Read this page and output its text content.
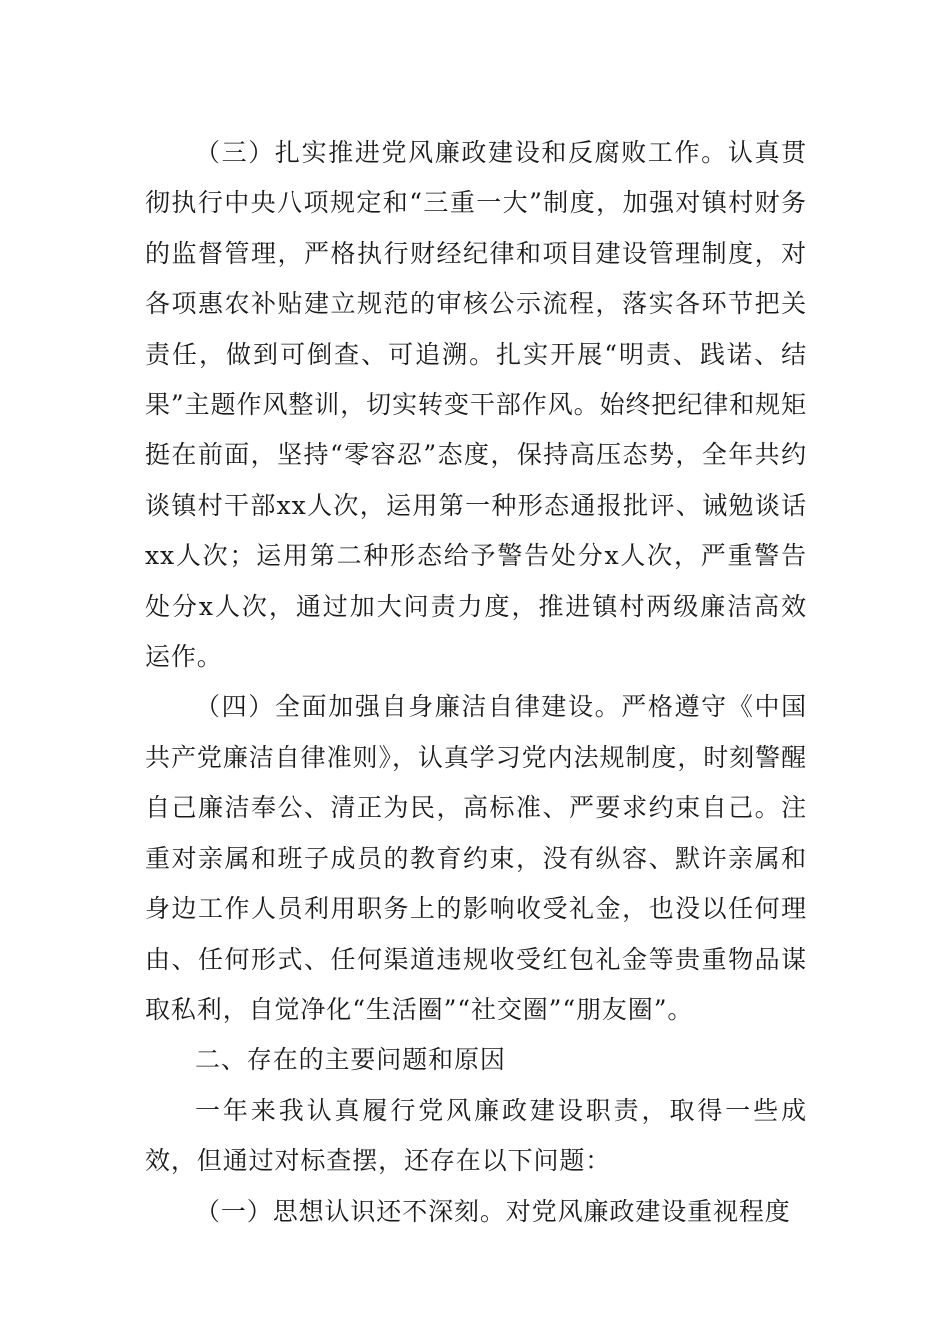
（三）扎实推进党风廉政建设和反腐败工作。认真贯彻执行中央八项规定和“三重一大”制度，加强对镇村财务的监督管理，严格执行财经纪律和项目建设管理制度，对各项惠农补贴建立规范的审核公示流程，落实各环节把关责任，做到可倒查、可追溯。扎实开展“明责、践诺、结果”主题作风整训，切实转变干部作风。始终把纪律和规矩挺在前面，坚持“零容忍”态度，保持高压态势，全年共约谈镇村干部xx人次，运用第一种形态通报批评、诫勉谈话xx人次；运用第二种形态给予警告处分x人次，严重警告处分x人次，通过加大问责力度，推进镇村两级廉洁高效运作。

（四）全面加强自身廉洁自律建设。严格遵守《中国共产党廉洁自律准则》，认真学习党内法规制度，时刻警醒自己廉洁奉公、清正为民，高标准、严要求约束自己。注重对亲属和班子成员的教育约束，没有纵容、默许亲属和身边工作人员利用职务上的影响收受礼金，也没以任何理由、任何形式、任何渠道违规收受红包礼金等贵重物品谋取私利，自觉净化“生活圈”“社交圈”“朋友圈”。

二、存在的主要问题和原因

一年来我认真履行党风廉政建设职责，取得一些成效，但通过对标查摆，还存在以下问题：

（一）思想认识还不深刻。对党风廉政建设重视程度
